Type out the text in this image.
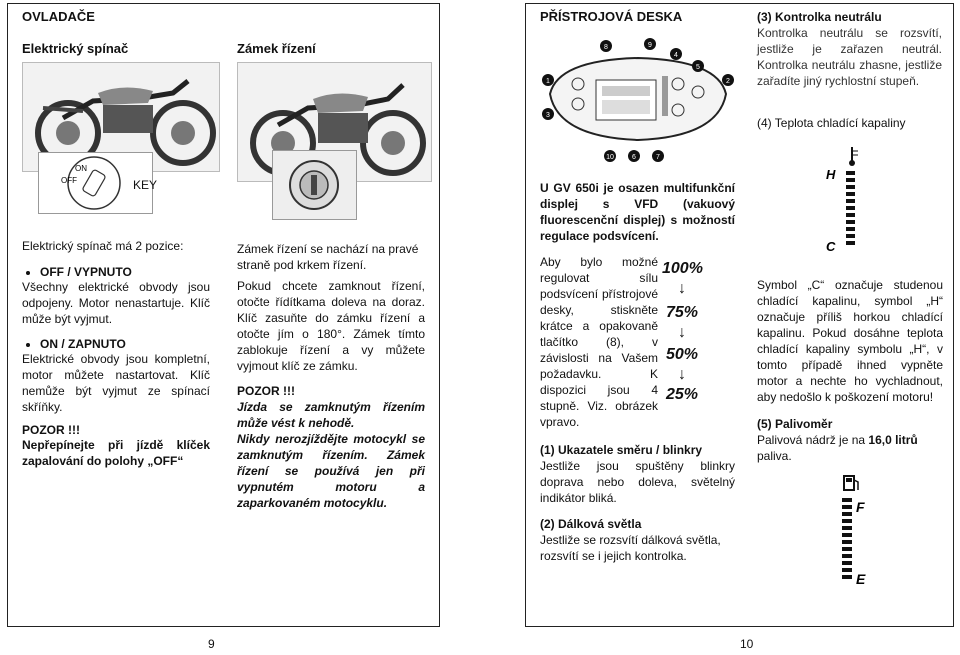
OVLADAČE
Elektrický spínač	Zámek řízení
ON
OFF	KEY
Elektrický spínač má 2 pozice:
• OFF / VYPNUTO
Všechny elektrické obvody jsou odpojeny. Motor nenastartuje. Klíč může být vyjmut.
• ON / ZAPNUTO
Elektrické obvody jsou kompletní, motor můžete nastartovat. Klíč nemůže být vyjmut ze spínací skříňky.
POZOR !!!
Nepřepínejte při jízdě klíček zapalování do polohy „OFF“
Zámek řízení se nachází na pravé straně pod krkem řízení.
Pokud chcete zamknout řízení, otočte řídítkama doleva na doraz. Klíč zasuňte do zámku řízení a otočte jím o 180°. Zámek tímto zablokuje řízení a vy můžete vyjmout klíč ze zámku.
POZOR !!!
Jízda se zamknutým řízením může vést k nehodě.
Nikdy nerozjíždějte motocykl se zamknutým řízením. Zámek řízení se používá jen při vypnutém motoru a zaparkovaném motocyklu.
9
PŘÍSTROJOVÁ DESKA
1
3
8	9
4
5
2
10	6	7
(3) Kontrolka neutrálu
Kontrolka neutrálu se rozsvítí, jestliže je zařazen neutrál. Kontrolka neutrálu zhasne, jestliže zařadíte jiný rychlostní stupeň.
(4) Teplota chladící kapaliny
H
C
U GV 650i je osazen multifunkční displej s VFD (vakuový fluorescenční displej) s možností regulace podsvícení.
Aby bylo možné regulovat sílu podsvícení přístrojové desky, stiskněte krátce a opakovaně tlačítko (8), v závislosti na Vašem požadavku. K dispozici jsou 4 stupně. Viz. obrázek vpravo.
100%
↓
75%
↓
50%
↓
25%
(1) Ukazatele směru / blinkry
Jestliže jsou spuštěny blinkry doprava nebo doleva, světelný indikátor bliká.
(2) Dálková světla
Jestliže se rozsvítí dálková světla, rozsvítí se i jejich kontrolka.
Symbol „C“ označuje studenou chladící kapalinu, symbol „H“ označuje příliš horkou chladící kapalinu. Pokud dosáhne teplota chladící kapaliny symbolu „H“, v tomto případě ihned vypněte motor a nechte ho vychladnout, aby nedošlo k poškození motoru!
(5) Palivoměr
Palivová nádrž je na 16,0 litrů paliva.
F
E
10
